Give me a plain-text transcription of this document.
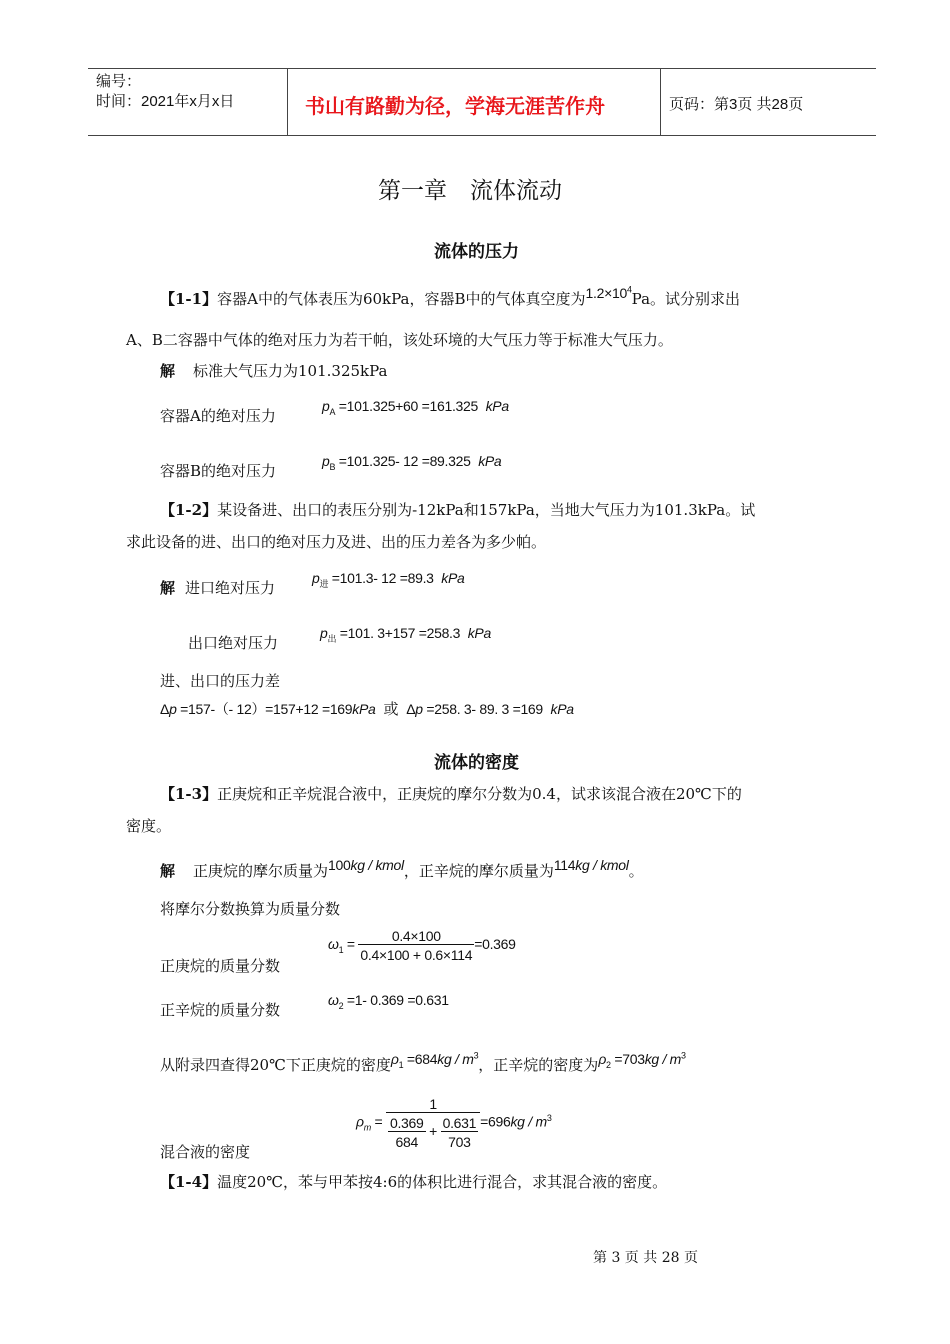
编号：
时间：2021年x月x日	书山有路勤为径，学海无涯苦作舟	页码：第3页 共28页
第一章　流体流动
流体的压力
【1-1】容器A中的气体表压为60kPa，容器B中的气体真空度为$1.2\times 10^4Pa$。试分别求出
A、B二容器中气体的绝对压力为若干帕，该处环境的大气压力等于标准大气压力。
解 标准大气压力为101.325kPa
容器A的绝对压力
$p_A =101.325+60 =161.325$ kPa
容器B的绝对压力
$p_B =101.325-$ 12 =89.325 kPa
【1-2】某设备进、出口的表压分别为-12kPa和157kPa，当地大气压力为101.3kPa。试
求此设备的进、出口的绝对压力及进、出的压力差各为多少帕。
解 进口绝对压力
$p_进 =101.3-$ 12 =89.3 kPa
出口绝对压力
$p_出 =101$. 3+157 =258.3 kPa
进、出口的压力差
Δp =157-（- 12）=157+12 =169kPa 或 Δp =258. 3- 89. 3 =169 kPa
流体的密度
【1-3】正庚烷和正辛烷混合液中，正庚烷的摩尔分数为0.4，试求该混合液在20℃下的
密度。
解 正庚烷的摩尔质量为100kg / kmol，正辛烷的摩尔质量为114kg / kmol。
将摩尔分数换算为质量分数
正庚烷的质量分数
$\omega_1 = \frac{0.4\times 100}{0.4\times 100 + 0.6\times 114} =0.369$
正辛烷的质量分数
$\omega_2 =1-$ 0.369 =0.631
从附录四查得20℃下正庚烷的密度$\rho_1 =684kg / m^3$，正辛烷的密度为$\rho_2 =703kg / m^3$
$\rho_m = \frac{1}{\frac{0.369}{684} + \frac{0.631}{703}} =696kg / m^3$
混合液的密度
【1-4】温度20℃，苯与甲苯按4:6的体积比进行混合，求其混合液的密度。
第 3 页 共 28 页
